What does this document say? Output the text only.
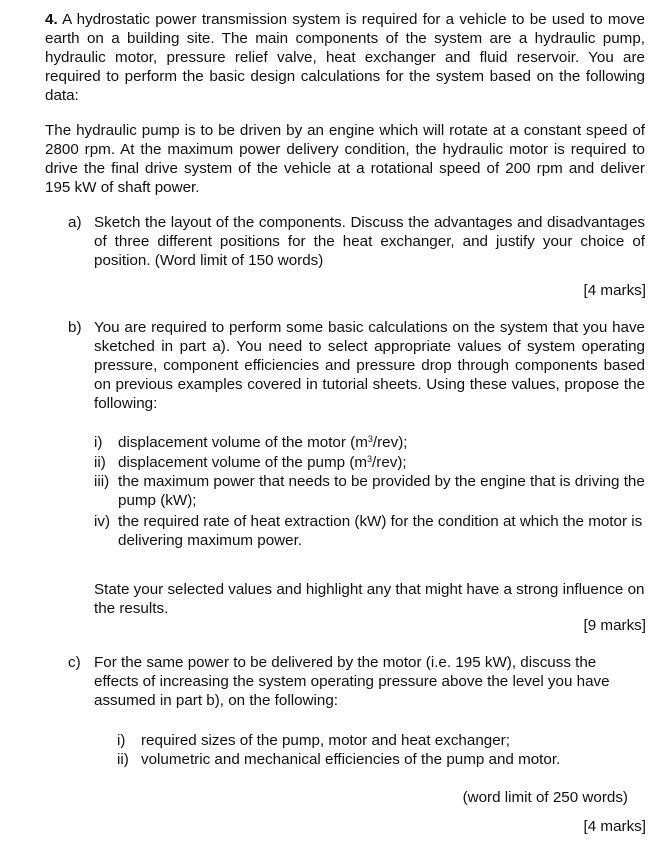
4. A hydrostatic power transmission system is required for a vehicle to be used to move earth on a building site. The main components of the system are a hydraulic pump, hydraulic motor, pressure relief valve, heat exchanger and fluid reservoir. You are required to perform the basic design calculations for the system based on the following data:
The hydraulic pump is to be driven by an engine which will rotate at a constant speed of 2800 rpm. At the maximum power delivery condition, the hydraulic motor is required to drive the final drive system of the vehicle at a rotational speed of 200 rpm and deliver 195 kW of shaft power.
a) Sketch the layout of the components. Discuss the advantages and disadvantages of three different positions for the heat exchanger, and justify your choice of position. (Word limit of 150 words)
[4 marks]
b) You are required to perform some basic calculations on the system that you have sketched in part a). You need to select appropriate values of system operating pressure, component efficiencies and pressure drop through components based on previous examples covered in tutorial sheets. Using these values, propose the following:
i) displacement volume of the motor $(m^3/rev)$;
ii) displacement volume of the pump $(m^3/rev)$;
iii) the maximum power that needs to be provided by the engine that is driving the pump (kW);
iv) the required rate of heat extraction (kW) for the condition at which the motor is delivering maximum power.
State your selected values and highlight any that might have a strong influence on the results.
[9 marks]
c) For the same power to be delivered by the motor (i.e. 195 kW), discuss the effects of increasing the system operating pressure above the level you have assumed in part b), on the following:
i) required sizes of the pump, motor and heat exchanger;
ii) volumetric and mechanical efficiencies of the pump and motor.
(word limit of 250 words)
[4 marks]
